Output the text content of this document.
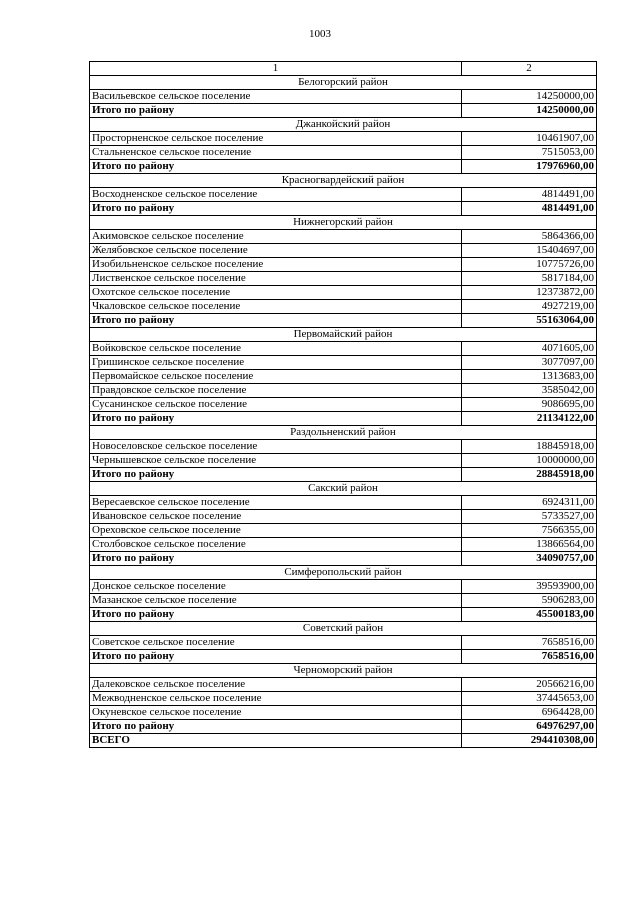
1003
1	2
Белогорский район	
Васильевское сельское поселение	14250000,00
Итого по району	14250000,00
Джанкойский район	
Просторненское сельское поселение	10461907,00
Стальненское сельское поселение	7515053,00
Итого по району	17976960,00
Красногвардейский район	
Восходненское сельское поселение	4814491,00
Итого по району	4814491,00
Нижнегорский район	
Акимовское сельское поселение	5864366,00
Желябовское сельское поселение	15404697,00
Изобильненское сельское поселение	10775726,00
Лиственское сельское поселение	5817184,00
Охотское сельское поселение	12373872,00
Чкаловское сельское поселение	4927219,00
Итого по району	55163064,00
Первомайский район	
Войковское сельское поселение	4071605,00
Гришинское сельское поселение	3077097,00
Первомайское сельское поселение	1313683,00
Правдовское сельское поселение	3585042,00
Сусанинское сельское поселение	9086695,00
Итого по району	21134122,00
Раздольненский район	
Новоселовское сельское поселение	18845918,00
Чернышевское сельское поселение	10000000,00
Итого по району	28845918,00
Сакский район	
Вересаевское сельское поселение	6924311,00
Ивановское сельское поселение	5733527,00
Ореховское сельское поселение	7566355,00
Столбовское сельское поселение	13866564,00
Итого по району	34090757,00
Симферопольский район	
Донское сельское поселение	39593900,00
Мазанское сельское поселение	5906283,00
Итого по району	45500183,00
Советский район	
Советское сельское поселение	7658516,00
Итого по району	7658516,00
Черноморский район	
Далековское сельское поселение	20566216,00
Межводненское сельское поселение	37445653,00
Окуневское сельское поселение	6964428,00
Итого по району	64976297,00
ВСЕГО	294410308,00
